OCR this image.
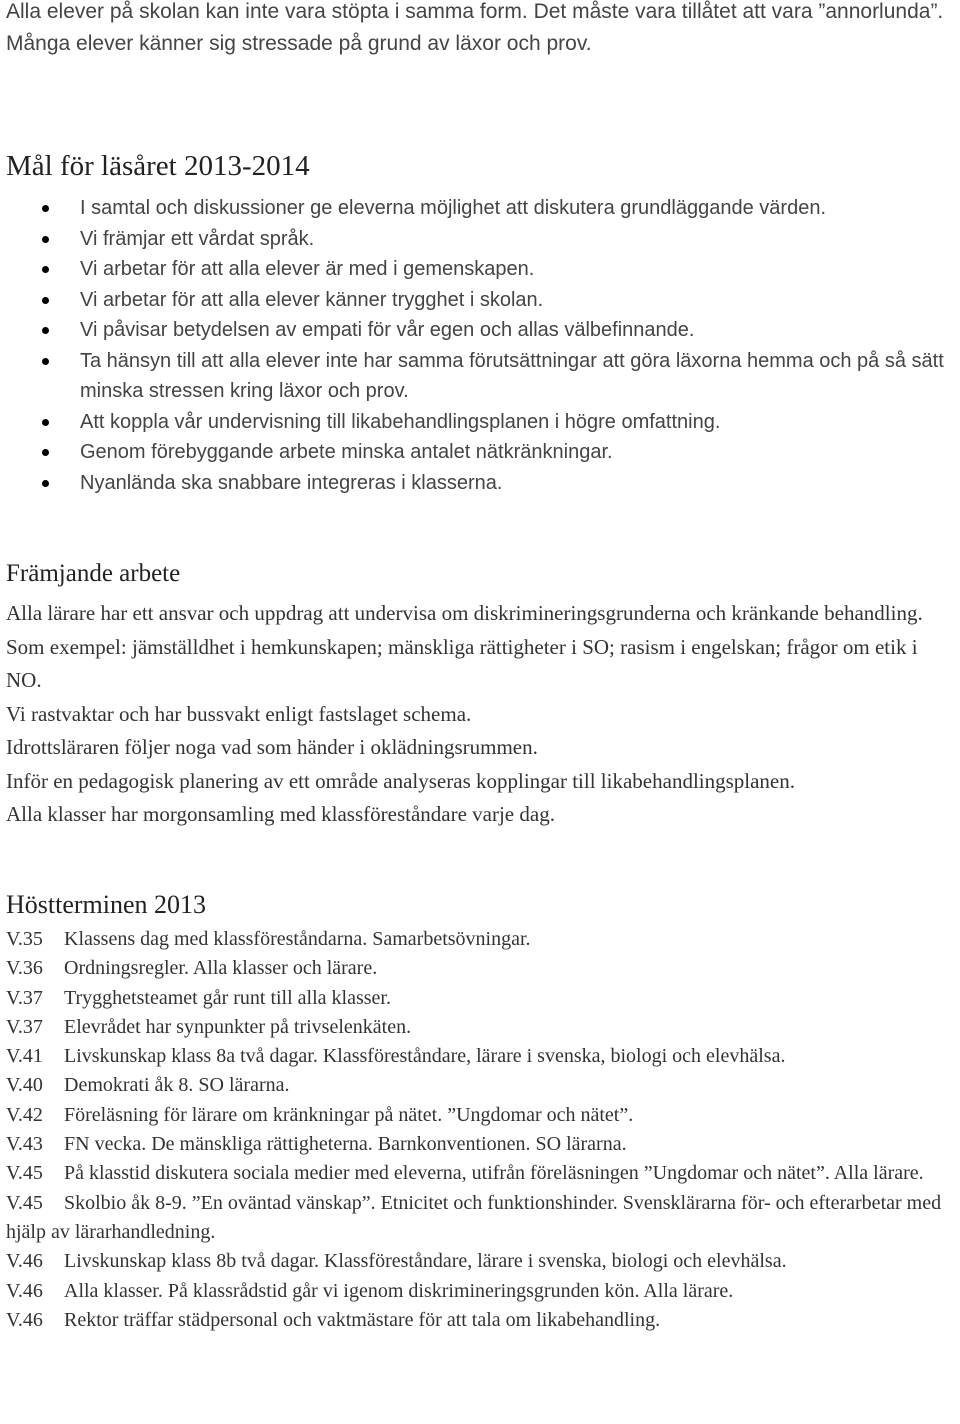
Alla elever på skolan kan inte vara stöpta i samma form. Det måste vara tillåtet att vara ”annorlunda”.

Många elever känner sig stressade på grund av läxor och prov.

Mål för läsåret 2013-2014
I samtal och diskussioner ge eleverna möjlighet att diskutera grundläggande värden.
Vi främjar ett vårdat språk.
Vi arbetar för att alla elever är med i gemenskapen.
Vi arbetar för att alla elever känner trygghet i skolan.
Vi påvisar betydelsen av empati för vår egen och allas välbefinnande.
Ta hänsyn till att alla elever inte har samma förutsättningar att göra läxorna hemma och på så sätt minska stressen kring läxor och prov.
Att koppla vår undervisning till likabehandlingsplanen i högre omfattning.
Genom förebyggande arbete minska antalet nätkränkningar.
Nyanlända ska snabbare integreras i klasserna.
Främjande arbete

Alla lärare har ett ansvar och uppdrag att undervisa om diskrimineringsgrunderna och kränkande behandling. Som exempel: jämställdhet i hemkunskapen; mänskliga rättigheter i SO; rasism i engelskan; frågor om etik i NO.

Vi rastvaktar och har bussvakt enligt fastslaget schema.

Idrottsläraren följer noga vad som händer i oklädningsrummen.

Inför en pedagogisk planering av ett område analyseras kopplingar till likabehandlingsplanen.

Alla klasser har morgonsamling med klassföreståndare varje dag.

Höstterminen 2013
V.35 Klassens dag med klassföreståndarna. Samarbetsövningar.
V.36 Ordningsregler. Alla klasser och lärare.
V.37 Trygghetsteamet går runt till alla klasser.
V.37 Elevrådet har synpunkter på trivselenkäten.
V.41 Livskunskap klass 8a två dagar. Klassföreståndare, lärare i svenska, biologi och elevhälsa.
V.40 Demokrati åk 8. SO lärarna.
V.42 Föreläsning för lärare om kränkningar på nätet. ”Ungdomar och nätet”.
V.43 FN vecka. De mänskliga rättigheterna. Barnkonventionen. SO lärarna.
V.45 På klasstid diskutera sociala medier med eleverna, utifrån föreläsningen ”Ungdomar och nätet”. Alla lärare.
V.45 Skolbio åk 8-9. ”En oväntad vänskap”. Etnicitet och funktionshinder. Svensklärarna för- och efterarbetar med hjälp av lärarhandledning.
V.46 Livskunskap klass 8b två dagar. Klassföreståndare, lärare i svenska, biologi och elevhälsa.
V.46 Alla klasser. På klassrådstid går vi igenom diskrimineringsgrunden kön. Alla lärare.
V.46 Rektor träffar städpersonal och vaktmästare för att tala om likabehandling.
